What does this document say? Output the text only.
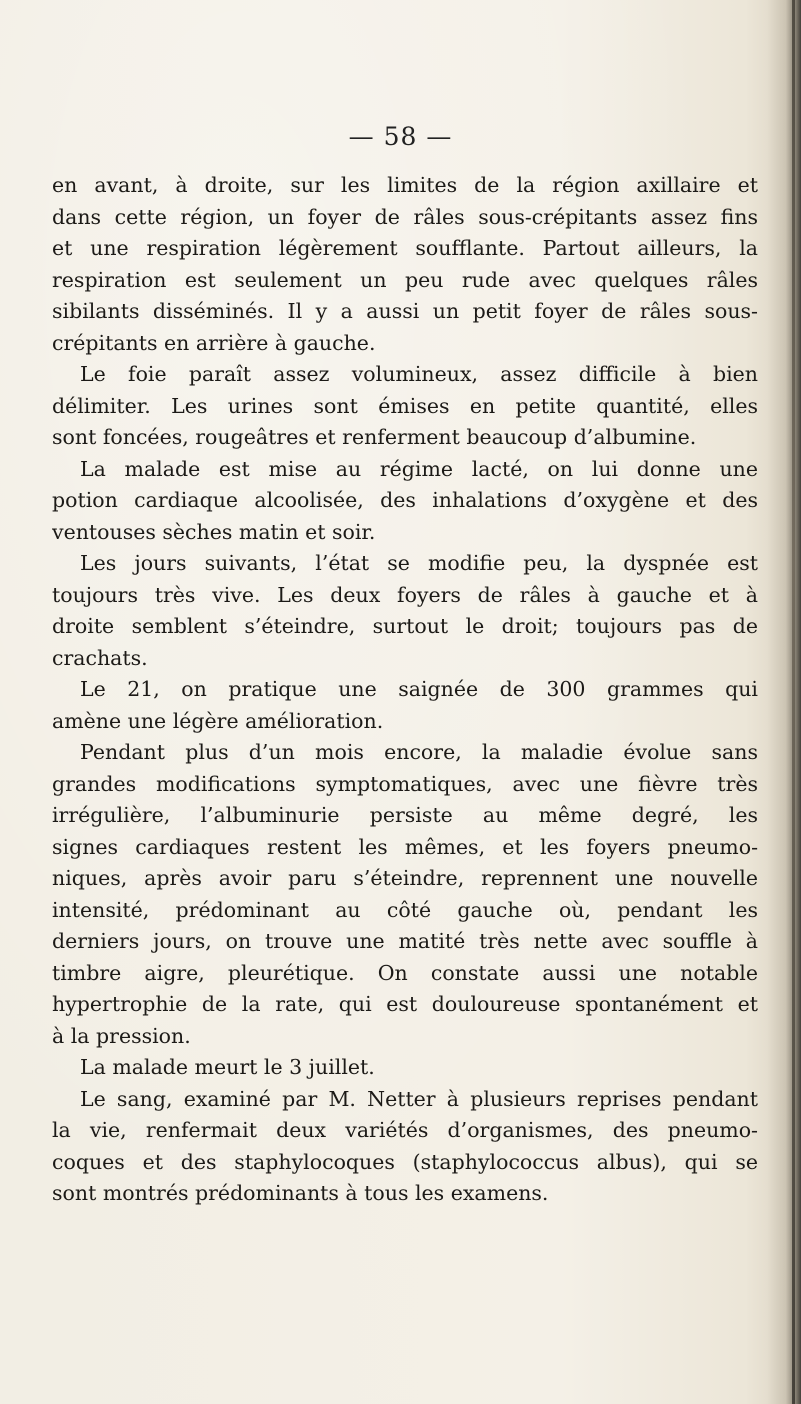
— 58 —
en avant, à droite, sur les limites de la région axillaire et
dans cette région, un foyer de râles sous-crépitants assez fins
et une respiration légèrement soufflante. Partout ailleurs, la
respiration est seulement un peu rude avec quelques râles
sibilants disséminés. Il y a aussi un petit foyer de râles sous-
crépitants en arrière à gauche.
Le foie paraît assez volumineux, assez difficile à bien
délimiter. Les urines sont émises en petite quantité, elles
sont foncées, rougeâtres et renferment beaucoup d’albumine.
La malade est mise au régime lacté, on lui donne une
potion cardiaque alcoolisée, des inhalations d’oxygène et des
ventouses sèches matin et soir.
Les jours suivants, l’état se modifie peu, la dyspnée est
toujours très vive. Les deux foyers de râles à gauche et à
droite semblent s’éteindre, surtout le droit; toujours pas de
crachats.
Le 21, on pratique une saignée de 300 grammes qui
amène une légère amélioration.
Pendant plus d’un mois encore, la maladie évolue sans
grandes modifications symptomatiques, avec une fièvre très
irrégulière, l’albuminurie persiste au même degré, les
signes cardiaques restent les mêmes, et les foyers pneumo-
niques, après avoir paru s’éteindre, reprennent une nouvelle
intensité, prédominant au côté gauche où, pendant les
derniers jours, on trouve une matité très nette avec souffle à
timbre aigre, pleurétique. On constate aussi une notable
hypertrophie de la rate, qui est douloureuse spontanément et
à la pression.
La malade meurt le 3 juillet.
Le sang, examiné par M. Netter à plusieurs reprises pendant
la vie, renfermait deux variétés d’organismes, des pneumo-
coques et des staphylocoques (staphylococcus albus), qui se
sont montrés prédominants à tous les examens.
